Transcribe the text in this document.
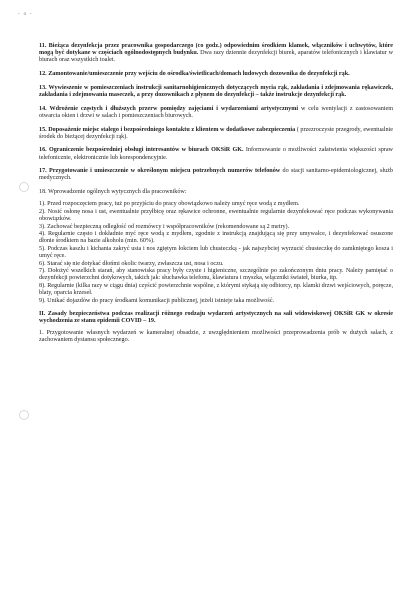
- a -

11. Bieżąca dezynfekcja przez pracownika gospodarczego (co godz.) odpowiednim środkiem klamek, włączników i uchwytów, które mogą być dotykane w częściach ogólnodostępnych budynku. Dwa razy dziennie dezynfekcji biurek, aparatów telefonicznych i klawiatur w biurach oraz wszystkich toalet.

12. Zamontowanie/umieszczenie przy wejściu do ośrodka/świetlicach/domach ludowych dozownika do dezynfekcji rąk.

13. Wywieszenie w pomieszczeniach instrukcji sanitarnohigienicznych dotyczących mycia rąk, zakładania i zdejmowania rękawiczek, zakładania i zdejmowania maseczek, a przy dozownikach z płynem do dezynfekcji – także instrukcje dezynfekcji rąk.

14. Wdrożenie częstych i dłuższych przerw pomiędzy zajęciami i wydarzeniami artystycznymi w celu wentylacji z zastosowaniem otwarcia okien i drzwi w salach i pomieszczeniach biurowych.

15. Doposażenie miejsc stałego i bezpośredniego kontaktu z klientem w dodatkowe zabezpieczenia ( przezroczyste przegrody, ewentualnie środek do bieżącej dezynfekcji rąk).

16. Ograniczenie bezpośredniej obsługi interesantów w biurach OKSiR GK. Informowanie o możliwości załatwienia większości spraw telefonicznie, elektronicznie lub korespondencyjnie.

17. Przygotowanie i umieszczenie w określonym miejscu potrzebnych numerów telefonów do stacji sanitarno-epidemiologicznej, służb medycznych.

18. Wprowadzenie ogólnych wytycznych dla pracowników:

1). Przed rozpoczęciem pracy, tuż po przyjściu do pracy obowiązkowo należy umyć ręce wodą z mydłem.

2). Nosić osłonę nosa i ust, ewentualnie przyłbicę oraz rękawice ochronne, ewentualnie regularnie dezynfekować ręce podczas wykonywania obowiązków.

3). Zachować bezpieczną odległość od rozmówcy i współpracowników (rekomendowane są 2 metry).

4). Regularnie często i dokładnie myć ręce wodą z mydłem, zgodnie z instrukcją znajdującą się przy umywalce, i dezynfekować osuszone dłonie środkiem na bazie alkoholu (min. 60%).

5). Podczas kaszlu i kichania zakryć usta i nos zgiętym łokciem lub chusteczką - jak najszybciej wyrzucić chusteczkę do zamkniętego kosza i umyć ręce.

6). Starać się nie dotykać dłońmi okolic twarzy, zwłaszcza ust, nosa i oczu.

7). Dołożyć wszelkich starań, aby stanowiska pracy były czyste i higieniczne, szczególnie po zakończonym dniu pracy. Należy pamiętać o dezynfekcji powierzchni dotykowych, takich jak: słuchawka telefonu, klawiatura i myszka, włączniki świateł, biurka, itp.

8). Regularnie (kilka razy w ciągu dnia) czyścić powierzchnie wspólne, z którymi stykają się odbiorcy, np. klamki drzwi wejściowych, poręcze, blaty, oparcia krzeseł.

9). Unikać dojazdów do pracy środkami komunikacji publicznej, jeżeli istnieje taka możliwość.

II. Zasady bezpieczeństwa podczas realizacji różnego rodzaju wydarzeń artystycznych na sali widowiskowej OKSiR GK w okresie wychodzenia ze stanu epidemii COVID – 19.

1. Przygotowanie własnych wydarzeń w kameralnej obsadzie, z uwzględnieniem możliwości przeprowadzenia prób w dużych salach, z zachowaniem dystansu społecznego.
